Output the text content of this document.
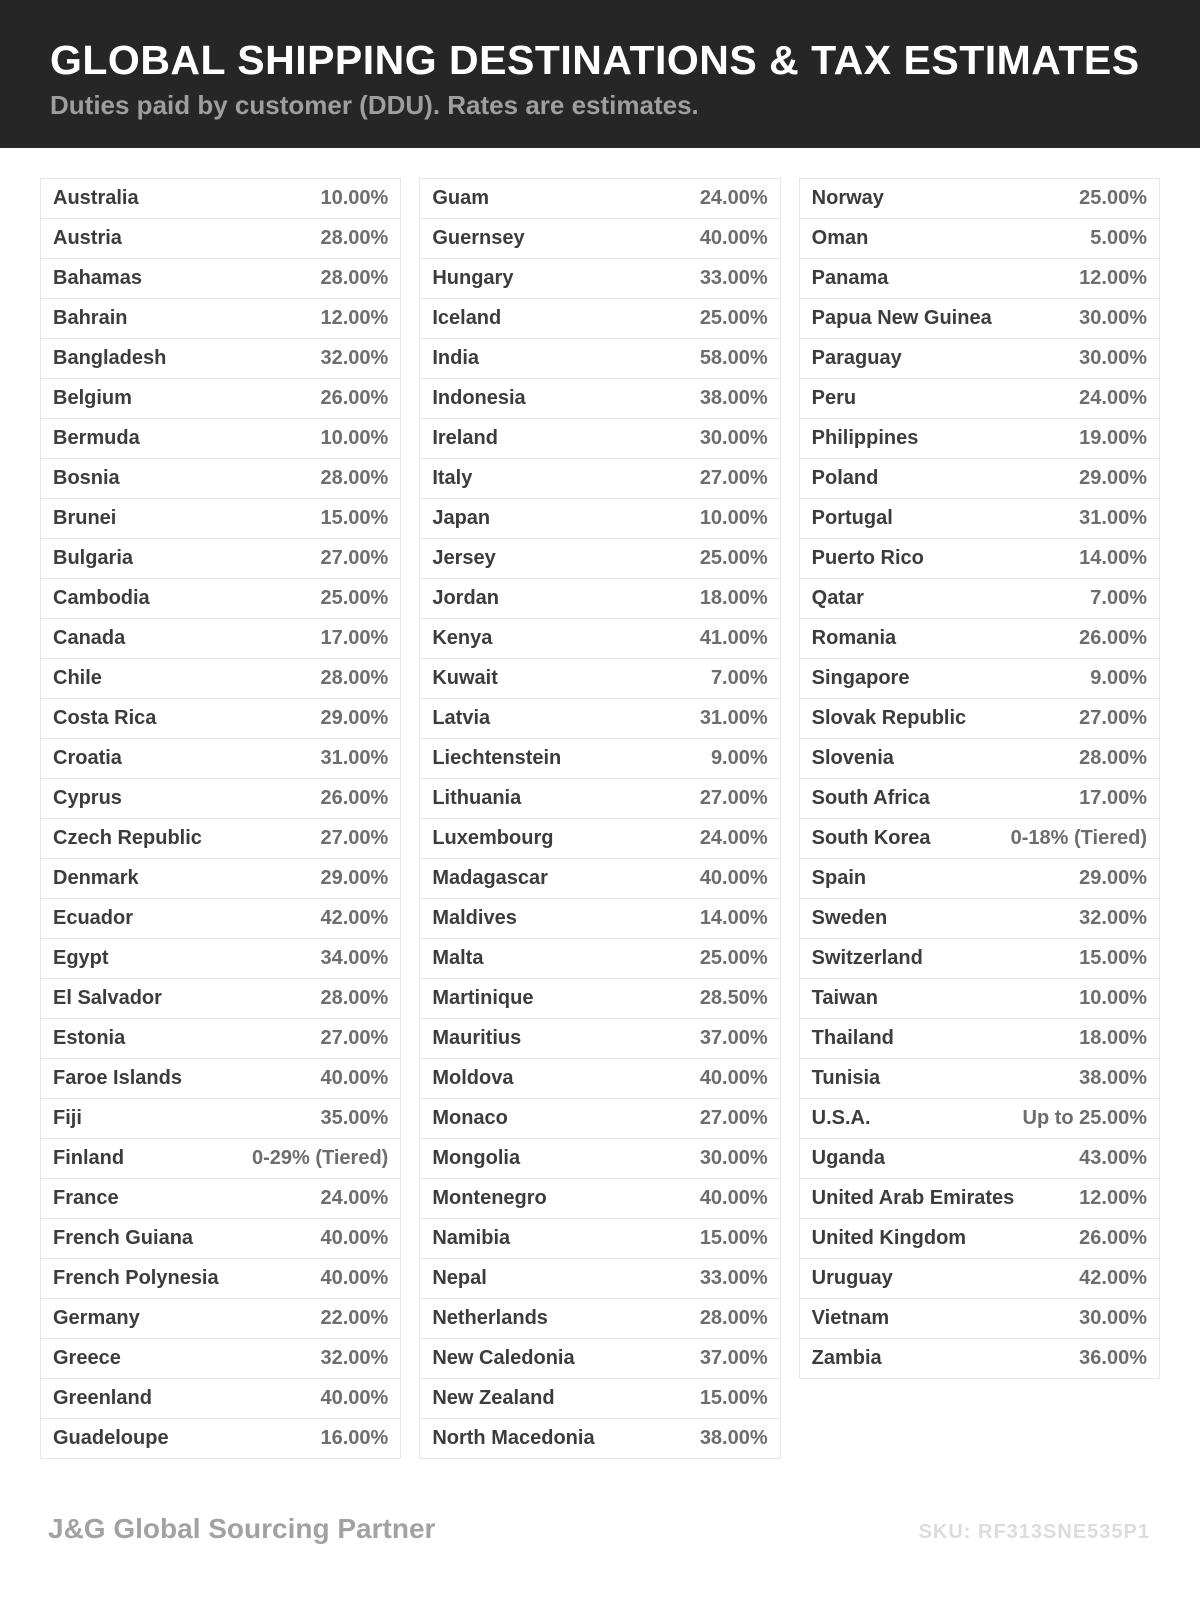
GLOBAL SHIPPING DESTINATIONS & TAX ESTIMATES

Duties paid by customer (DDU). Rates are estimates.

Australia	10.00%
Austria	28.00%
Bahamas	28.00%
Bahrain	12.00%
Bangladesh	32.00%
Belgium	26.00%
Bermuda	10.00%
Bosnia	28.00%
Brunei	15.00%
Bulgaria	27.00%
Cambodia	25.00%
Canada	17.00%
Chile	28.00%
Costa Rica	29.00%
Croatia	31.00%
Cyprus	26.00%
Czech Republic	27.00%
Denmark	29.00%
Ecuador	42.00%
Egypt	34.00%
El Salvador	28.00%
Estonia	27.00%
Faroe Islands	40.00%
Fiji	35.00%
Finland	0-29% (Tiered)
France	24.00%
French Guiana	40.00%
French Polynesia	40.00%
Germany	22.00%
Greece	32.00%
Greenland	40.00%
Guadeloupe	16.00%
Guam	24.00%
Guernsey	40.00%
Hungary	33.00%
Iceland	25.00%
India	58.00%
Indonesia	38.00%
Ireland	30.00%
Italy	27.00%
Japan	10.00%
Jersey	25.00%
Jordan	18.00%
Kenya	41.00%
Kuwait	7.00%
Latvia	31.00%
Liechtenstein	9.00%
Lithuania	27.00%
Luxembourg	24.00%
Madagascar	40.00%
Maldives	14.00%
Malta	25.00%
Martinique	28.50%
Mauritius	37.00%
Moldova	40.00%
Monaco	27.00%
Mongolia	30.00%
Montenegro	40.00%
Namibia	15.00%
Nepal	33.00%
Netherlands	28.00%
New Caledonia	37.00%
New Zealand	15.00%
North Macedonia	38.00%
Norway	25.00%
Oman	5.00%
Panama	12.00%
Papua New Guinea	30.00%
Paraguay	30.00%
Peru	24.00%
Philippines	19.00%
Poland	29.00%
Portugal	31.00%
Puerto Rico	14.00%
Qatar	7.00%
Romania	26.00%
Singapore	9.00%
Slovak Republic	27.00%
Slovenia	28.00%
South Africa	17.00%
South Korea	0-18% (Tiered)
Spain	29.00%
Sweden	32.00%
Switzerland	15.00%
Taiwan	10.00%
Thailand	18.00%
Tunisia	38.00%
U.S.A.	Up to 25.00%
Uganda	43.00%
United Arab Emirates	12.00%
United Kingdom	26.00%
Uruguay	42.00%
Vietnam	30.00%
Zambia	36.00%
J&G Global Sourcing Partner	SKU: RF313SNE535P1
